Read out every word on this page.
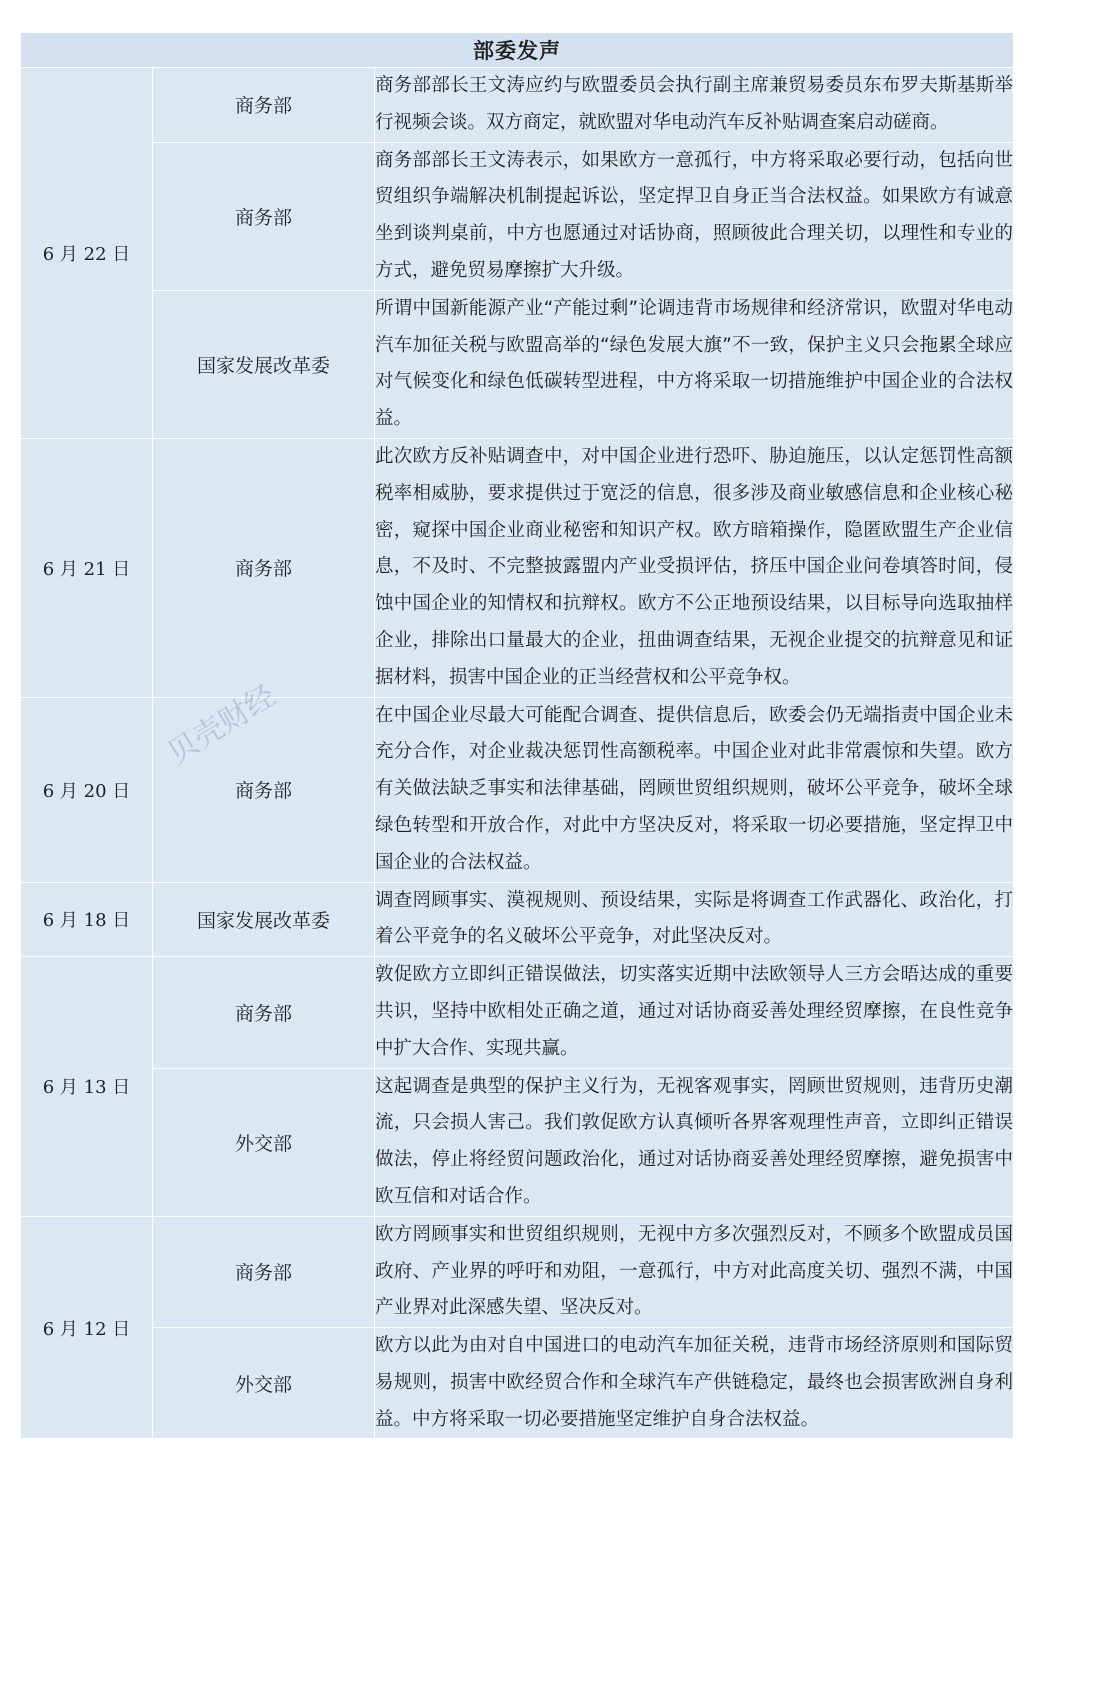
部委发声		
6 月 22 日	商务部	商务部部长王文涛应约与欧盟委员会执行副主席兼贸易委员东布罗夫斯基斯举行视频会谈。双方商定，就欧盟对华电动汽车反补贴调查案启动磋商。
	商务部	商务部部长王文涛表示，如果欧方一意孤行，中方将采取必要行动，包括向世贸组织争端解决机制提起诉讼，坚定捍卫自身正当合法权益。如果欧方有诚意坐到谈判桌前，中方也愿通过对话协商，照顾彼此合理关切，以理性和专业的方式，避免贸易摩擦扩大升级。
	国家发展改革委	所谓中国新能源产业“产能过剩”论调违背市场规律和经济常识，欧盟对华电动汽车加征关税与欧盟高举的“绿色发展大旗”不一致，保护主义只会拖累全球应对气候变化和绿色低碳转型进程，中方将采取一切措施维护中国企业的合法权益。
6 月 21 日	商务部	此次欧方反补贴调查中，对中国企业进行恐吓、胁迫施压，以认定惩罚性高额税率相威胁，要求提供过于宽泛的信息，很多涉及商业敏感信息和企业核心秘密，窥探中国企业商业秘密和知识产权。欧方暗箱操作，隐匿欧盟生产企业信息，不及时、不完整披露盟内产业受损评估，挤压中国企业问卷填答时间，侵蚀中国企业的知情权和抗辩权。欧方不公正地预设结果，以目标导向选取抽样企业，排除出口量最大的企业，扭曲调查结果，无视企业提交的抗辩意见和证据材料，损害中国企业的正当经营权和公平竞争权。
6 月 20 日	商务部	在中国企业尽最大可能配合调查、提供信息后，欧委会仍无端指责中国企业未充分合作，对企业裁决惩罚性高额税率。中国企业对此非常震惊和失望。欧方有关做法缺乏事实和法律基础，罔顾世贸组织规则，破坏公平竞争，破坏全球绿色转型和开放合作，对此中方坚决反对，将采取一切必要措施，坚定捍卫中国企业的合法权益。
6 月 18 日	国家发展改革委	调查罔顾事实、漠视规则、预设结果，实际是将调查工作武器化、政治化，打着公平竞争的名义破坏公平竞争，对此坚决反对。
6 月 13 日	商务部	敦促欧方立即纠正错误做法，切实落实近期中法欧领导人三方会晤达成的重要共识，坚持中欧相处正确之道，通过对话协商妥善处理经贸摩擦，在良性竞争中扩大合作、实现共赢。
	外交部	这起调查是典型的保护主义行为，无视客观事实，罔顾世贸规则，违背历史潮流，只会损人害己。我们敦促欧方认真倾听各界客观理性声音，立即纠正错误做法，停止将经贸问题政治化，通过对话协商妥善处理经贸摩擦，避免损害中欧互信和对话合作。
6 月 12 日	商务部	欧方罔顾事实和世贸组织规则，无视中方多次强烈反对，不顾多个欧盟成员国政府、产业界的呼吁和劝阻，一意孤行，中方对此高度关切、强烈不满，中国产业界对此深感失望、坚决反对。
	外交部	欧方以此为由对自中国进口的电动汽车加征关税，违背市场经济原则和国际贸易规则，损害中欧经贸合作和全球汽车产供链稳定，最终也会损害欧洲自身利益。中方将采取一切必要措施坚定维护自身合法权益。
贝壳财经
